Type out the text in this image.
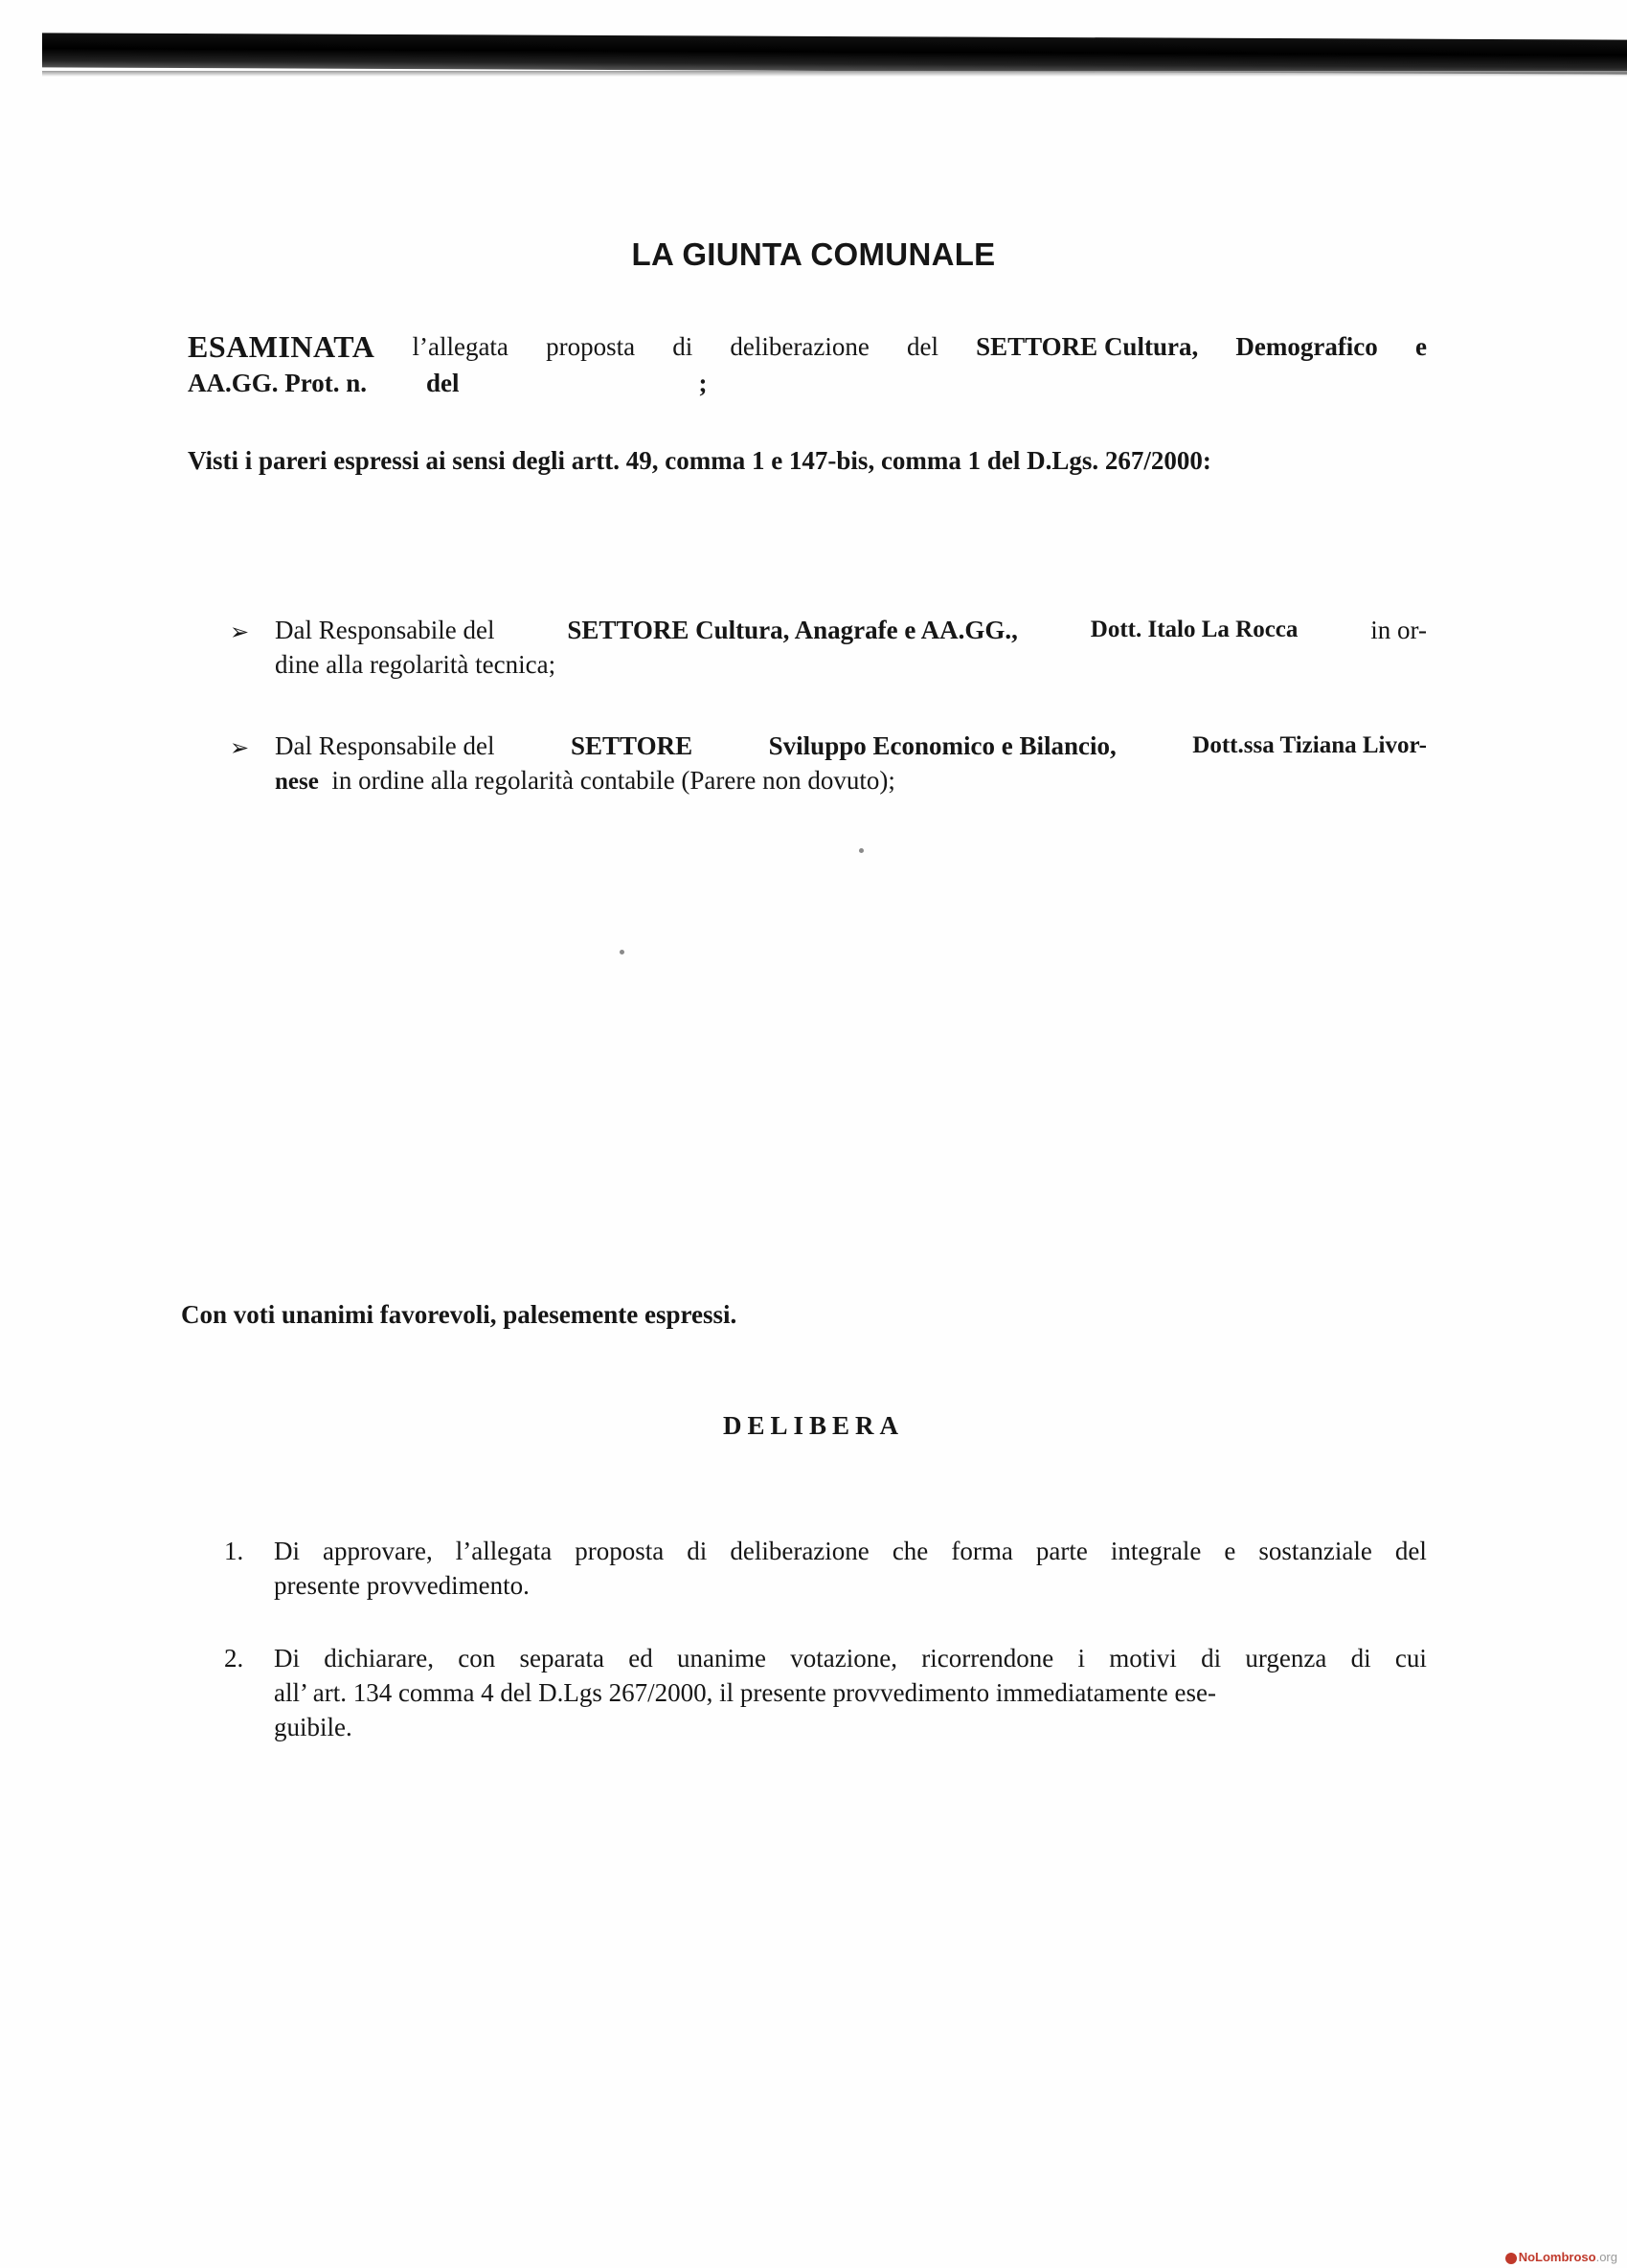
LA GIUNTA COMUNALE
ESAMINATA l’allegata proposta di deliberazione del SETTORE Cultura, Demografico e
AA.GG. Prot. n. del	;
Visti i pareri espressi ai sensi degli artt. 49, comma 1 e 147-bis, comma 1 del D.Lgs. 267/2000:
➢ Dal Responsabile del	SETTORE Cultura, Anagrafe e AA.GG.,	Dott. Italo La Rocca	in or-
dine alla regolarità tecnica;
➢ Dal Responsabile del	SETTORE	Sviluppo Economico e Bilancio,	Dott.ssa Tiziana Livor-
nese in ordine alla regolarità contabile (Parere non dovuto);
Con voti unanimi favorevoli, palesemente espressi.
DELIBERA
1. Di approvare, l’allegata proposta di deliberazione che forma parte integrale e sostanziale del
presente provvedimento.
2. Di dichiarare, con separata ed unanime votazione, ricorrendone i motivi di urgenza di cui
all’ art. 134 comma 4 del D.Lgs 267/2000, il presente provvedimento immediatamente ese-
guibile.
NoLombroso.org
